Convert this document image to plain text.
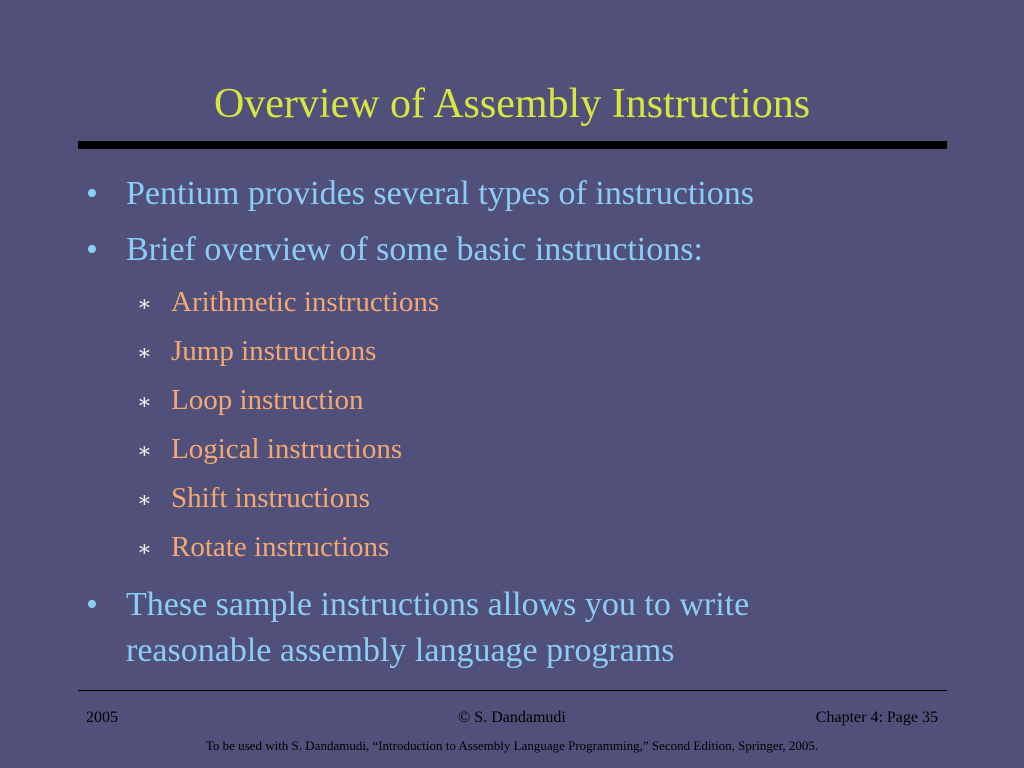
Overview of Assembly Instructions
• Pentium provides several types of instructions
• Brief overview of some basic instructions:
∗ Arithmetic instructions
∗ Jump instructions
∗ Loop instruction
∗ Logical instructions
∗ Shift instructions
∗ Rotate instructions
• These sample instructions allows you to write
reasonable assembly language programs
2005	© S. Dandamudi	Chapter 4: Page 35
To be used with S. Dandamudi, “Introduction to Assembly Language Programming,” Second Edition, Springer, 2005.
